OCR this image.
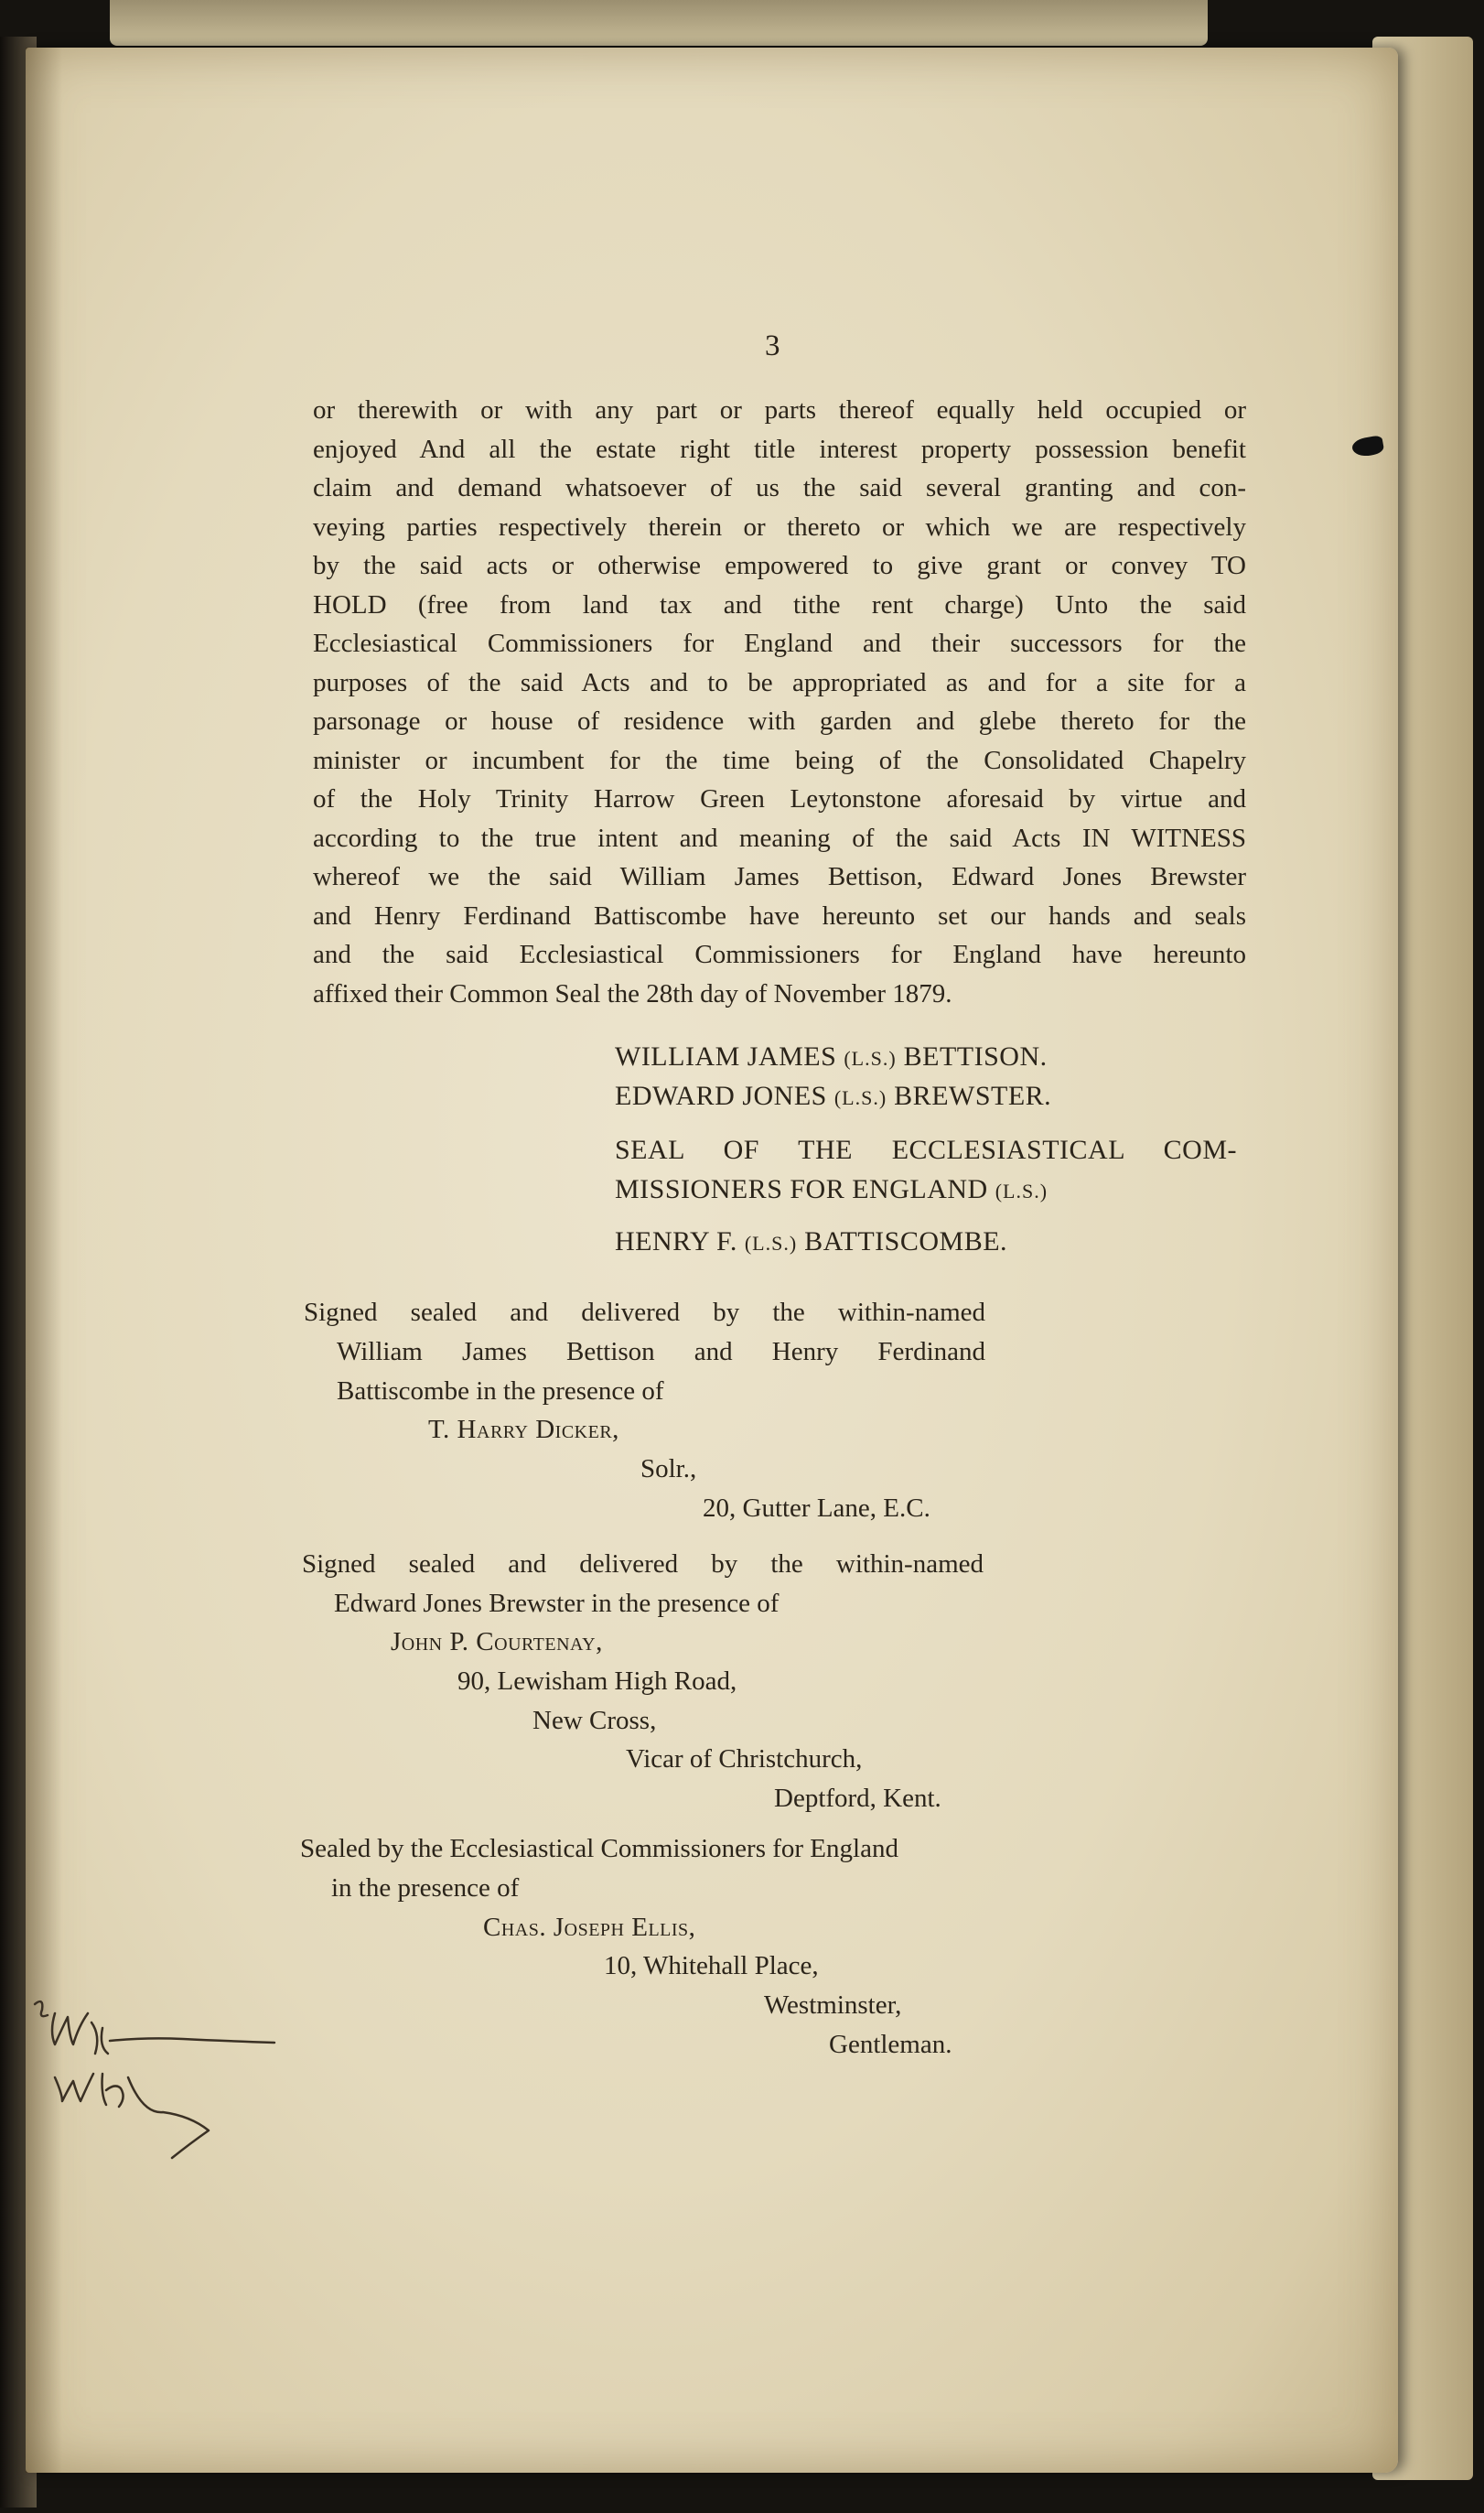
3
or therewith or with any part or parts thereof equally held occupied or
enjoyed And all the estate right title interest property possession benefit
claim and demand whatsoever of us the said several granting and con-
veying parties respectively therein or thereto or which we are respectively
by the said acts or otherwise empowered to give grant or convey TO
HOLD (free from land tax and tithe rent charge) Unto the said
Ecclesiastical Commissioners for England and their successors for the
purposes of the said Acts and to be appropriated as and for a site for a
parsonage or house of residence with garden and glebe thereto for the
minister or incumbent for the time being of the Consolidated Chapelry
of the Holy Trinity Harrow Green Leytonstone aforesaid by virtue and
according to the true intent and meaning of the said Acts IN WITNESS
whereof we the said William James Bettison, Edward Jones Brewster
and Henry Ferdinand Battiscombe have hereunto set our hands and seals
and the said Ecclesiastical Commissioners for England have hereunto
affixed their Common Seal the 28th day of November 1879.
WILLIAM JAMES (L.S.) BETTISON.
EDWARD JONES (L.S.) BREWSTER.
SEAL OF THE ECCLESIASTICAL COM-
MISSIONERS FOR ENGLAND (L.S.)
HENRY F. (L.S.) BATTISCOMBE.
Signed sealed and delivered by the within-named
William James Bettison and Henry Ferdinand
Battiscombe in the presence of
T. Harry Dicker,
Solr.,
20, Gutter Lane, E.C.
Signed sealed and delivered by the within-named
Edward Jones Brewster in the presence of
John P. Courtenay,
90, Lewisham High Road,
New Cross,
Vicar of Christchurch,
Deptford, Kent.
Sealed by the Ecclesiastical Commissioners for England
in the presence of
Chas. Joseph Ellis,
10, Whitehall Place,
Westminster,
Gentleman.
